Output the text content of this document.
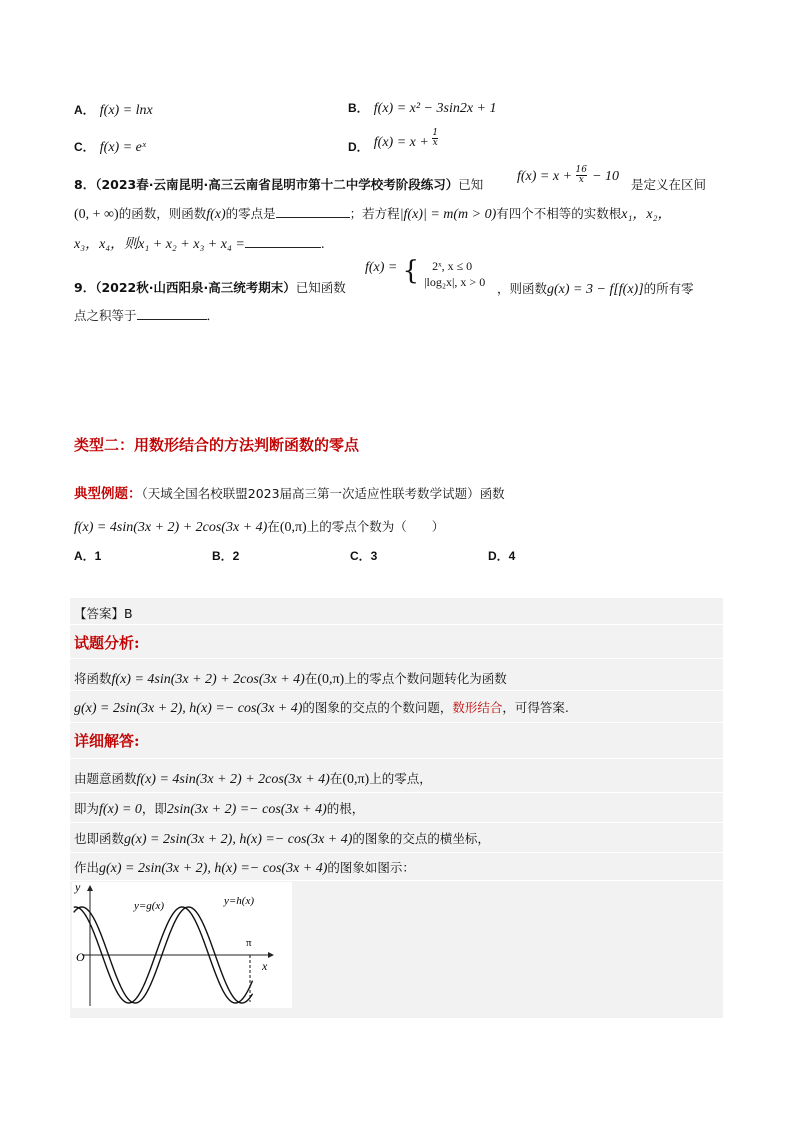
A． f(x) = lnx	B． f(x) = x² − 3sin2x + 1
C． f(x) = eˣ	$_{D.}$ $f(x) = x + \frac{1}{x}$
8．（2023春·云南昆明·高三云南省昆明市第十二中学校考阶段练习）已知
$f(x) = x + \frac{16}{x} - 10$
是定义在区间
(0, + ∞)的函数，则函数f(x)的零点是	；若方程|f(x)| = m(m > 0)有四个不相等的实数根x₁，x₂，
x₃，x₄，则x₁ + x₂ + x₃ + x₄ =	.
9．（2022秋·山西阳泉·高三统考期末）已知函数
f(x) = {	2ˣ, x ≤ 0
|log₂x|, x > 0 ，则函数g(x) = 3 − f[f(x)]的所有零
点之积等于	．
类型二：用数形结合的方法判断函数的零点
典型例题：（天域全国名校联盟2023届高三第一次适应性联考数学试题）函数
f(x) = 4sin(3x + 2) + 2cos(3x + 4)在(0,π)上的零点个数为（　　）
A．1	B．2	C．3	D．4
【答案】B
试题分析:
将函数f(x) = 4sin(3x + 2) + 2cos(3x + 4)在(0,π)上的零点个数问题转化为函数
g(x) = 2sin(3x + 2), h(x) =− cos(3x + 4)的图象的交点的个数问题，数形结合，可得答案.
详细解答:
由题意函数f(x) = 4sin(3x + 2) + 2cos(3x + 4)在(0,π)上的零点，
即为f(x) = 0，即2sin(3x + 2) =− cos(3x + 4)的根，
也即函数g(x) = 2sin(3x + 2), h(x) =− cos(3x + 4)的图象的交点的横坐标，
作出g(x) = 2sin(3x + 2), h(x) =− cos(3x + 4)的图象如图示：
y
x
O
π
y=g(x)	y=h(x)
